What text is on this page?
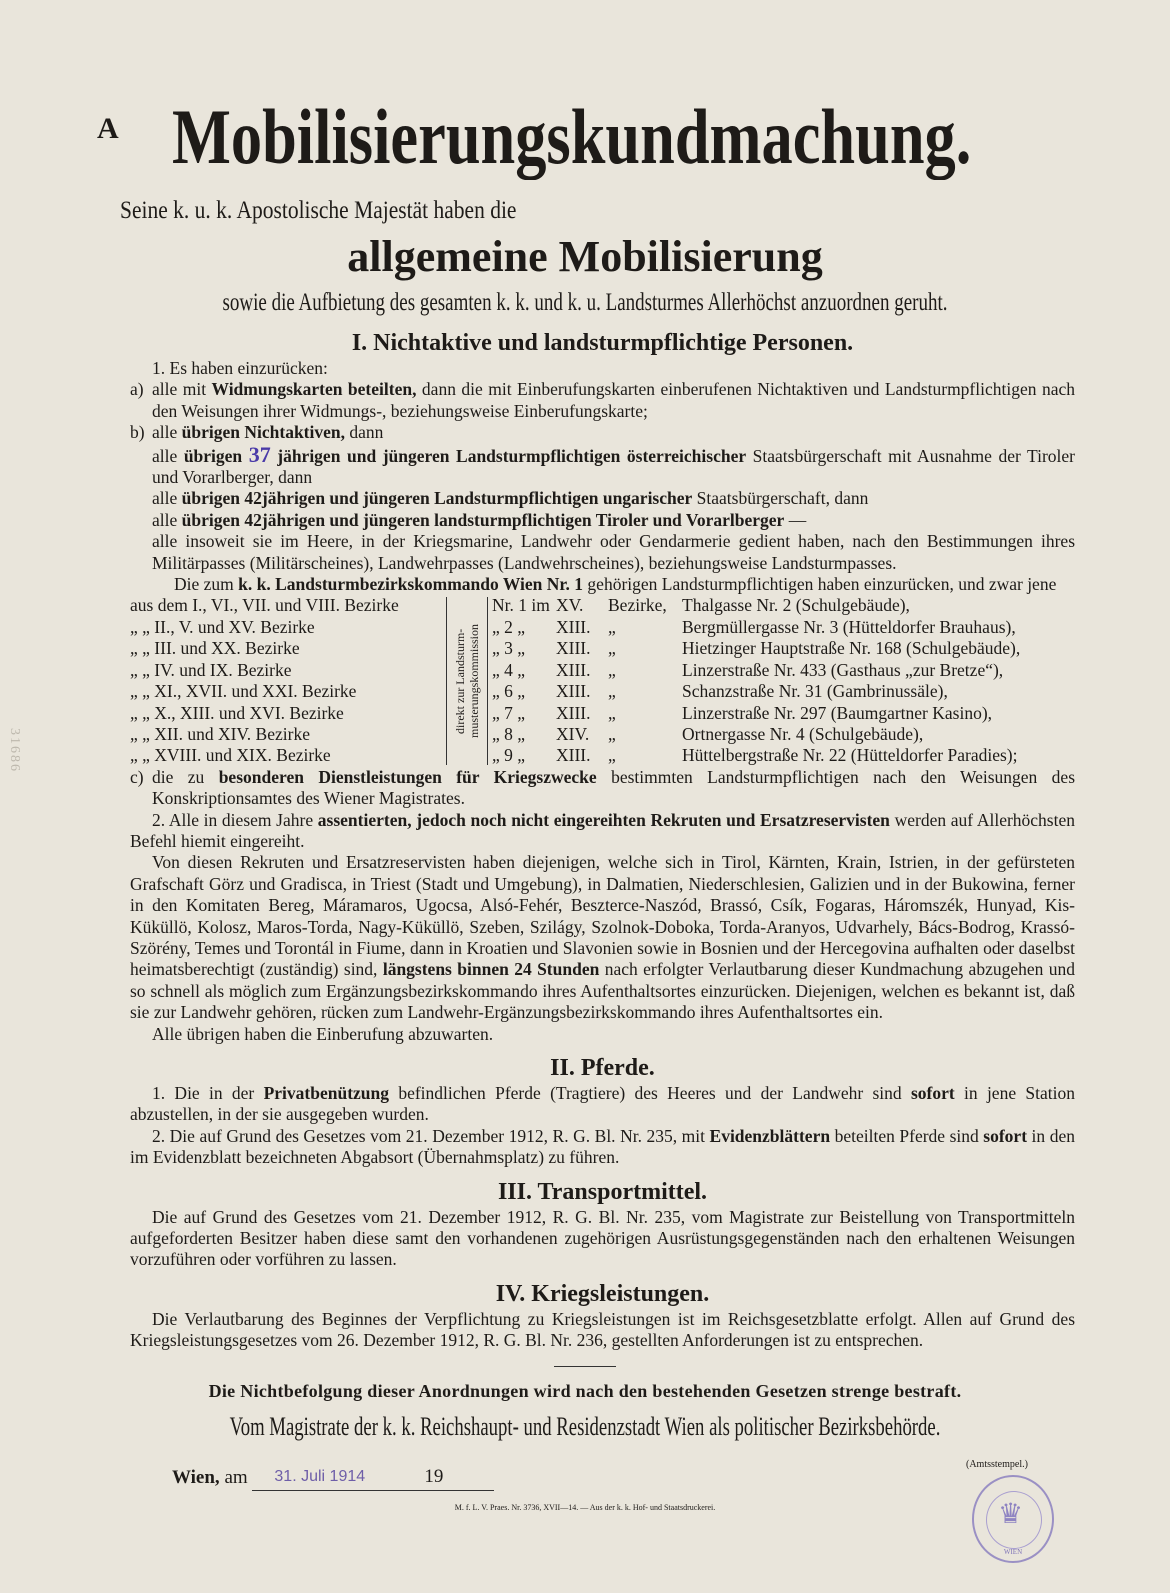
31686
A Mobilisierungskundmachung.
Seine k. u. k. Apostolische Majestät haben die
allgemeine Mobilisierung
sowie die Aufbietung des gesamten k. k. und k. u. Landsturmes Allerhöchst anzuordnen geruht.
I. Nichtaktive und landsturmpflichtige Personen.

1. Es haben einzurücken:

a) alle mit Widmungskarten beteilten, dann die mit Einberufungskarten einberufenen Nichtaktiven und Landsturmpflichtigen nach den Weisungen ihrer Widmungs-, beziehungsweise Einberufungskarte;

b) alle übrigen Nichtaktiven, dann

alle übrigen 37 jährigen und jüngeren Landsturmpflichtigen österreichischer Staatsbürgerschaft mit Ausnahme der Tiroler und Vorarlberger, dann

alle übrigen 42jährigen und jüngeren Landsturmpflichtigen ungarischer Staatsbürgerschaft, dann

alle übrigen 42jährigen und jüngeren landsturmpflichtigen Tiroler und Vorarlberger —

alle insoweit sie im Heere, in der Kriegsmarine, Landwehr oder Gendarmerie gedient haben, nach den Bestimmungen ihres Militärpasses (Militärscheines), Landwehrpasses (Landwehrscheines), beziehungsweise Landsturmpasses.

Die zum k. k. Landsturmbezirkskommando Wien Nr. 1 gehörigen Landsturmpflichtigen haben einzurücken, und zwar jene

direkt zur Landsturm-musterungskommission
aus dem I., VI., VII. und VIII. Bezirke	Nr. 1 im XV.	Bezirke, Thalgasse Nr. 2 (Schulgebäude),
„ „ II., V. und XV. Bezirke	„ 2 „	XIII.	„	Bergmüllergasse Nr. 3 (Hütteldorfer Brauhaus),
„ „ III. und XX. Bezirke	„ 3 „	XIII.	„	Hietzinger Hauptstraße Nr. 168 (Schulgebäude),
„ „ IV. und IX. Bezirke	„ 4 „	XIII.	„	Linzerstraße Nr. 433 (Gasthaus „zur Bretze“),
„ „ XI., XVII. und XXI. Bezirke	„ 6 „	XIII.	„	Schanzstraße Nr. 31 (Gambrinussäle),
„ „ X., XIII. und XVI. Bezirke	„ 7 „	XIII.	„	Linzerstraße Nr. 297 (Baumgartner Kasino),
„ „ XII. und XIV. Bezirke	„ 8 „	XIV.	„	Ortnergasse Nr. 4 (Schulgebäude),
„ „ XVIII. und XIX. Bezirke	„ 9 „	XIII.	„	Hüttelbergstraße Nr. 22 (Hütteldorfer Paradies);

c) die zu besonderen Dienstleistungen für Kriegszwecke bestimmten Landsturmpflichtigen nach den Weisungen des Konskriptionsamtes des Wiener Magistrates.

2. Alle in diesem Jahre assentierten, jedoch noch nicht eingereihten Rekruten und Ersatzreservisten werden auf Allerhöchsten Befehl hiemit eingereiht.

Von diesen Rekruten und Ersatzreservisten haben diejenigen, welche sich in Tirol, Kärnten, Krain, Istrien, in der gefürsteten Grafschaft Görz und Gradisca, in Triest (Stadt und Umgebung), in Dalmatien, Niederschlesien, Galizien und in der Bukowina, ferner in den Komitaten Bereg, Máramaros, Ugocsa, Alsó-Fehér, Beszterce-Naszód, Brassó, Csík, Fogaras, Háromszék, Hunyad, Kis-Küküllö, Kolosz, Maros-Torda, Nagy-Küküllö, Szeben, Szilágy, Szolnok-Doboka, Torda-Aranyos, Udvarhely, Bács-Bodrog, Krassó-Szörény, Temes und Torontál in Fiume, dann in Kroatien und Slavonien sowie in Bosnien und der Hercegovina aufhalten oder daselbst heimatsberechtigt (zuständig) sind, längstens binnen 24 Stunden nach erfolgter Verlautbarung dieser Kundmachung abzugehen und so schnell als möglich zum Ergänzungsbezirkskommando ihres Aufenthaltsortes einzurücken. Diejenigen, welchen es bekannt ist, daß sie zur Landwehr gehören, rücken zum Landwehr-Ergänzungsbezirkskommando ihres Aufenthaltsortes ein.

Alle übrigen haben die Einberufung abzuwarten.

II. Pferde.

1. Die in der Privatbenützung befindlichen Pferde (Tragtiere) des Heeres und der Landwehr sind sofort in jene Station abzustellen, in der sie ausgegeben wurden.

2. Die auf Grund des Gesetzes vom 21. Dezember 1912, R. G. Bl. Nr. 235, mit Evidenzblättern beteilten Pferde sind sofort in den im Evidenzblatt bezeichneten Abgabsort (Übernahmsplatz) zu führen.

III. Transportmittel.

Die auf Grund des Gesetzes vom 21. Dezember 1912, R. G. Bl. Nr. 235, vom Magistrate zur Beistellung von Transportmitteln aufgeforderten Besitzer haben diese samt den vorhandenen zugehörigen Ausrüstungsgegenständen nach den erhaltenen Weisungen vorzuführen oder vorführen zu lassen.

IV. Kriegsleistungen.

Die Verlautbarung des Beginnes der Verpflichtung zu Kriegsleistungen ist im Reichsgesetzblatte erfolgt. Allen auf Grund des Kriegsleistungsgesetzes vom 26. Dezember 1912, R. G. Bl. Nr. 236, gestellten Anforderungen ist zu entsprechen.

Die Nichtbefolgung dieser Anordnungen wird nach den bestehenden Gesetzen strenge bestraft.
Vom Magistrate der k. k. Reichshaupt- und Residenzstadt Wien als politischer Bezirksbehörde.
Wien, am 31. Juli 1914	19
M. f. L. V. Praes. Nr. 3736, XVII—14. — Aus der k. k. Hof- und Staatsdruckerei.
(Amtsstempel.)
♛
WIEN
